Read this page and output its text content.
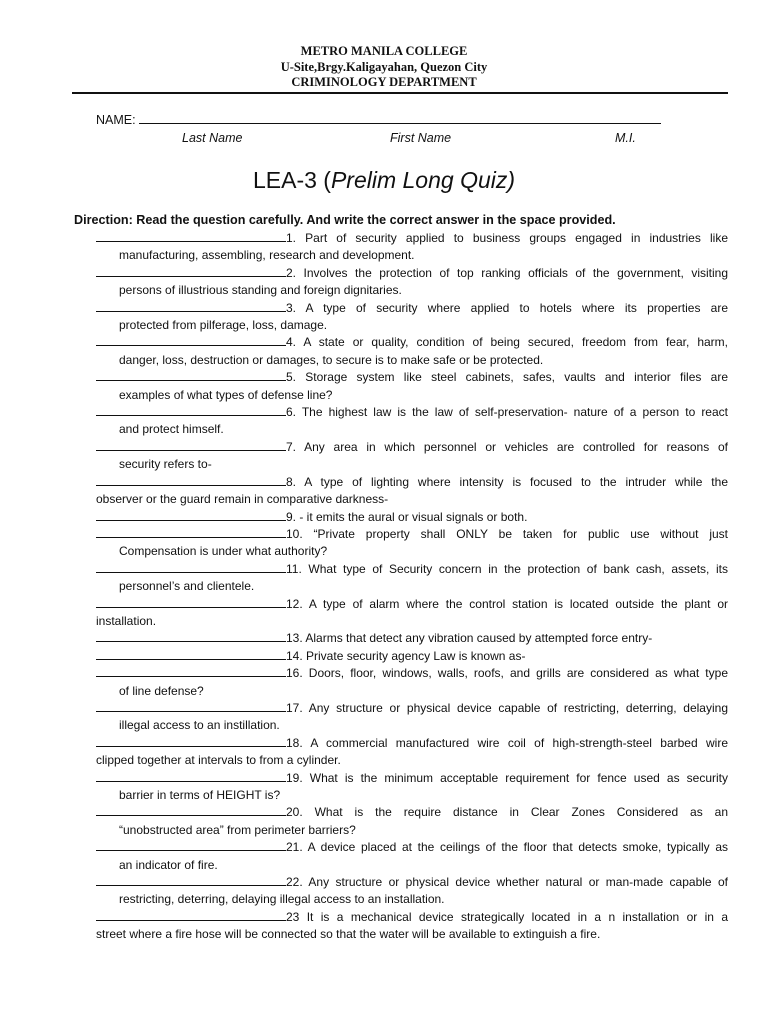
METRO MANILA COLLEGE
U-Site,Brgy.Kaligayahan, Quezon City
CRIMINOLOGY DEPARTMENT
NAME:
Last Name	First Name	M.I.
LEA-3 (Prelim Long Quiz)
Direction: Read the question carefully. And write the correct answer in the space provided.
1. Part of security applied to business groups engaged in industries like
manufacturing, assembling, research and development.
2. Involves the protection of top ranking officials of the government, visiting
persons of illustrious standing and foreign dignitaries.
3. A type of security where applied to hotels where its properties are
protected from pilferage, loss, damage.
4. A state or quality, condition of being secured, freedom from fear, harm,
danger, loss, destruction or damages, to secure is to make safe or be protected.
5. Storage system like steel cabinets, safes, vaults and interior files are
examples of what types of defense line?
6. The highest law is the law of self-preservation- nature of a person to react
and protect himself.
7. Any area in which personnel or vehicles are controlled for reasons of
security refers to-
8. A type of lighting where intensity is focused to the intruder while the
observer or the guard remain in comparative darkness-
9. - it emits the aural or visual signals or both.
10. “Private property shall ONLY be taken for public use without just
Compensation is under what authority?
11. What type of Security concern in the protection of bank cash, assets, its
personnel’s and clientele.
12. A type of alarm where the control station is located outside the plant or
installation.
13. Alarms that detect any vibration caused by attempted force entry-
14. Private security agency Law is known as-
16. Doors, floor, windows, walls, roofs, and grills are considered as what type
of line defense?
17. Any structure or physical device capable of restricting, deterring, delaying
illegal access to an instillation.
18. A commercial manufactured wire coil of high-strength-steel barbed wire
clipped together at intervals to from a cylinder.
19. What is the minimum acceptable requirement for fence used as security
barrier in terms of HEIGHT is?
20. What is the require distance in Clear Zones Considered as an
“unobstructed area” from perimeter barriers?
21. A device placed at the ceilings of the floor that detects smoke, typically as
an indicator of fire.
22. Any structure or physical device whether natural or man-made capable of
restricting, deterring, delaying illegal access to an installation.
23 It is a mechanical device strategically located in a n installation or in a
street where a fire hose will be connected so that the water will be available to extinguish a fire.
